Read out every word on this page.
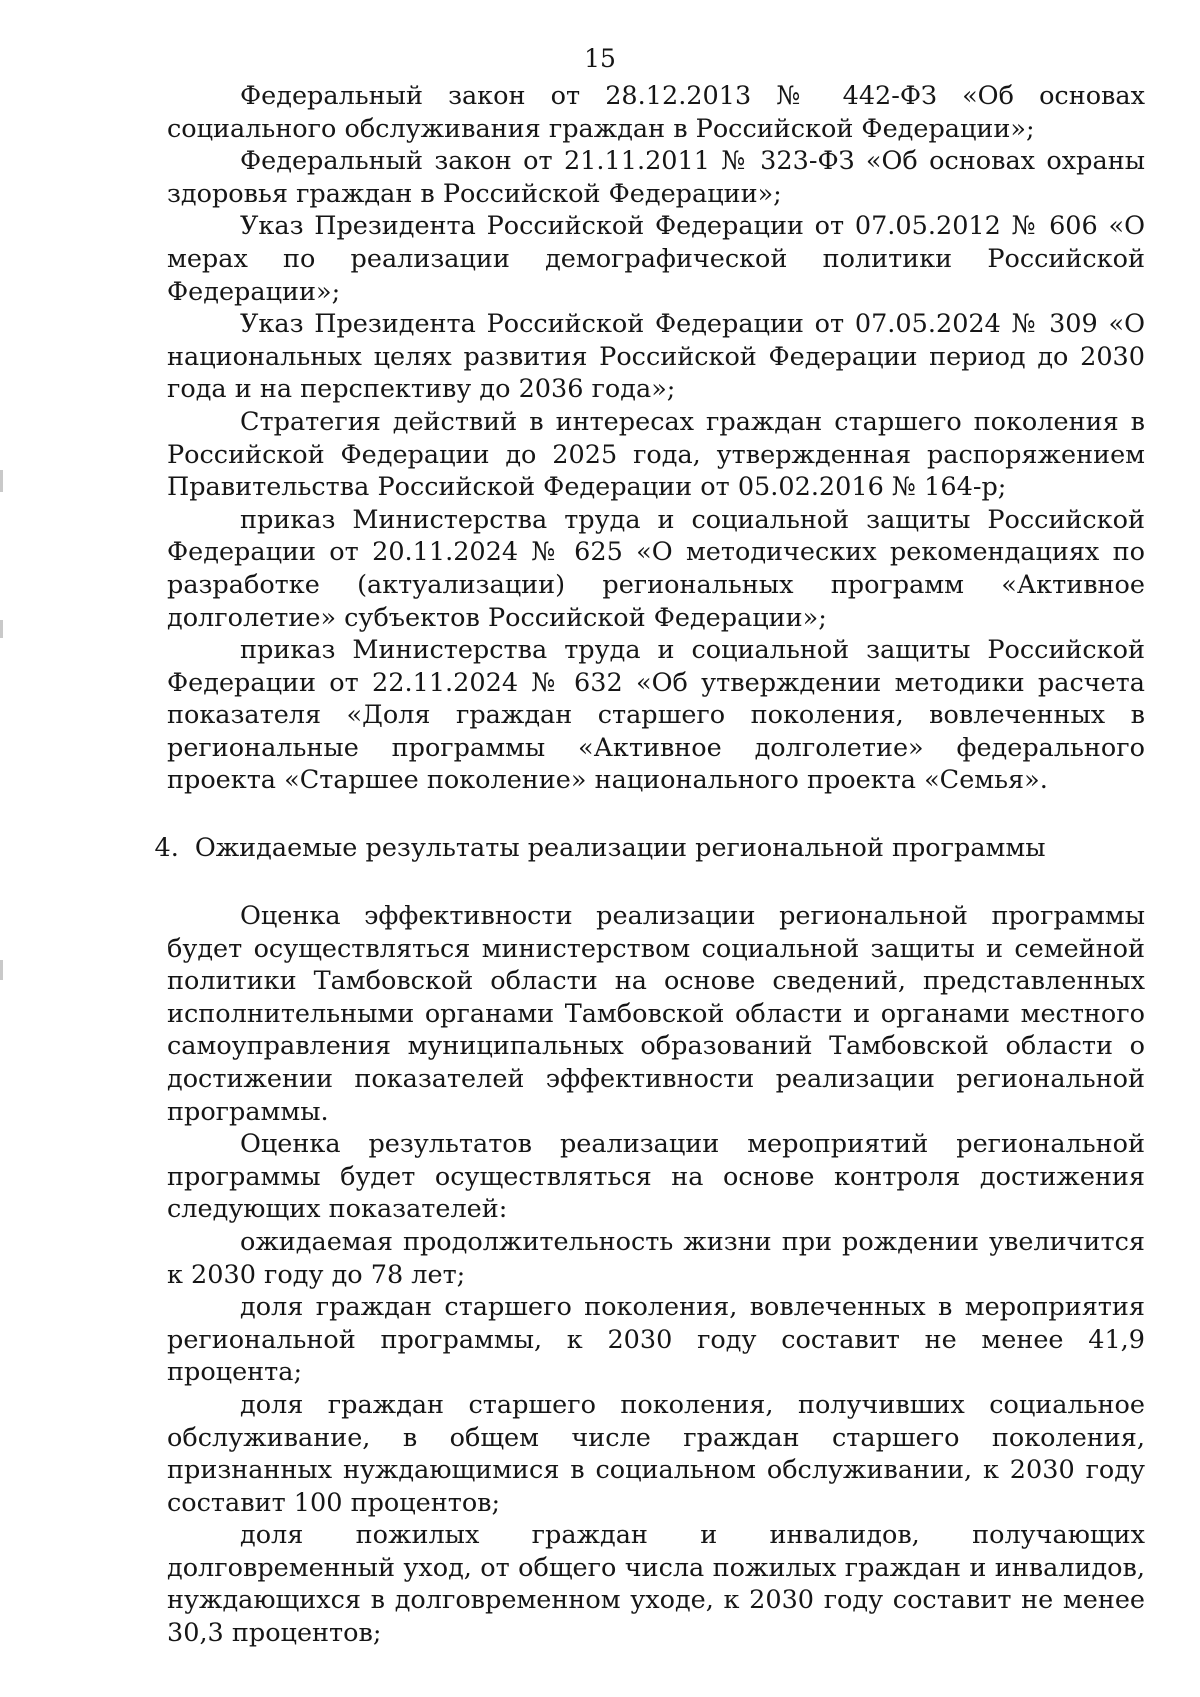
15

Федеральный закон от 28.12.2013 № 442-ФЗ «Об основах социального обслуживания граждан в Российской Федерации»;

Федеральный закон от 21.11.2011 № 323-ФЗ «Об основах охраны здоровья граждан в Российской Федерации»;

Указ Президента Российской Федерации от 07.05.2012 № 606 «О мерах по реализации демографической политики Российской Федерации»;

Указ Президента Российской Федерации от 07.05.2024 № 309 «О национальных целях развития Российской Федерации период до 2030 года и на перспективу до 2036 года»;

Стратегия действий в интересах граждан старшего поколения в Российской Федерации до 2025 года, утвержденная распоряжением Правительства Российской Федерации от 05.02.2016 № 164-р;

приказ Министерства труда и социальной защиты Российской Федерации от 20.11.2024 № 625 «О методических рекомендациях по разработке (актуализации) региональных программ «Активное долголетие» субъектов Российской Федерации»;

приказ Министерства труда и социальной защиты Российской Федерации от 22.11.2024 № 632 «Об утверждении методики расчета показателя «Доля граждан старшего поколения, вовлеченных в региональные программы «Активное долголетие» федерального проекта «Старшее поколение» национального проекта «Семья».

4. Ожидаемые результаты реализации региональной программы

Оценка эффективности реализации региональной программы будет осуществляться министерством социальной защиты и семейной политики Тамбовской области на основе сведений, представленных исполнительными органами Тамбовской области и органами местного самоуправления муниципальных образований Тамбовской области о достижении показателей эффективности реализации региональной программы.

Оценка результатов реализации мероприятий региональной программы будет осуществляться на основе контроля достижения следующих показателей:

ожидаемая продолжительность жизни при рождении увеличится к 2030 году до 78 лет;

доля граждан старшего поколения, вовлеченных в мероприятия региональной программы, к 2030 году составит не менее 41,9 процента;

доля граждан старшего поколения, получивших социальное обслуживание, в общем числе граждан старшего поколения, признанных нуждающимися в социальном обслуживании, к 2030 году составит 100 процентов;

доля пожилых граждан и инвалидов, получающих долговременный уход, от общего числа пожилых граждан и инвалидов, нуждающихся в долговременном уходе, к 2030 году составит не менее 30,3 процентов;
